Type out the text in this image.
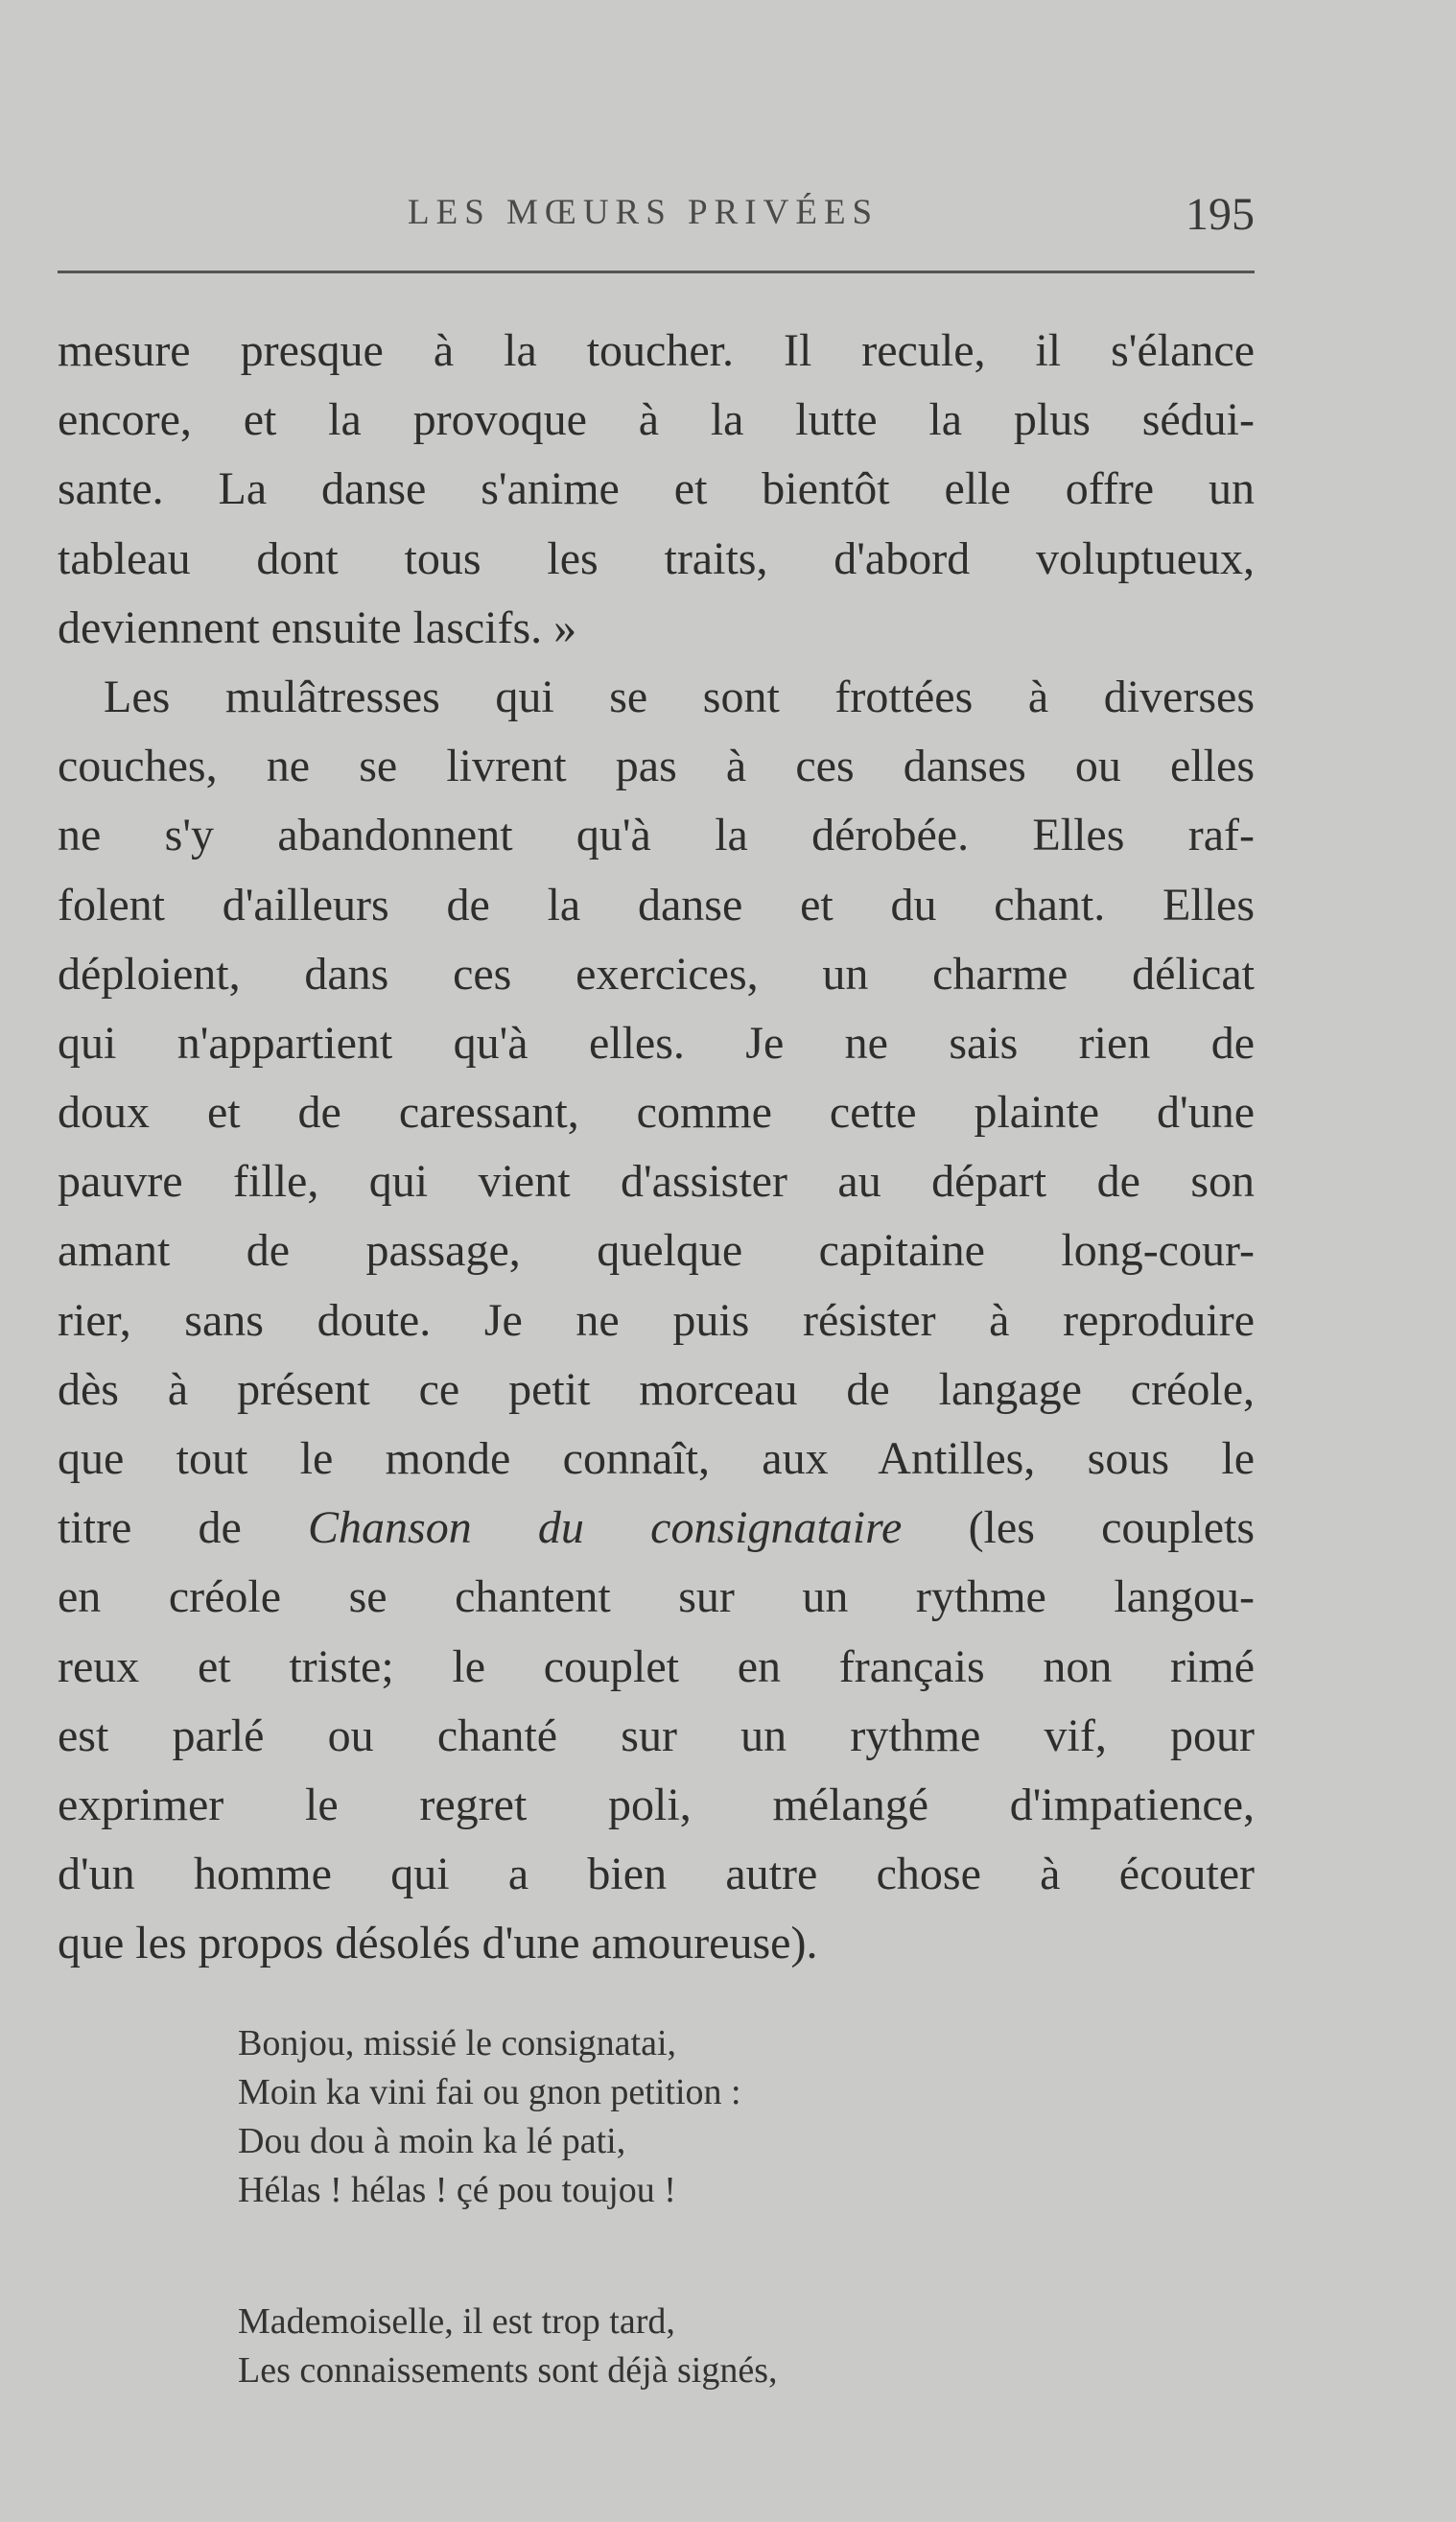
LES MŒURS PRIVÉES	195
mesure presque à la toucher. Il recule, il s'élance
encore, et la provoque à la lutte la plus sédui-
sante. La danse s'anime et bientôt elle offre un
tableau dont tous les traits, d'abord voluptueux,
deviennent ensuite lascifs. »
Les mulâtresses qui se sont frottées à diverses
couches, ne se livrent pas à ces danses ou elles
ne s'y abandonnent qu'à la dérobée. Elles raf-
folent d'ailleurs de la danse et du chant. Elles
déploient, dans ces exercices, un charme délicat
qui n'appartient qu'à elles. Je ne sais rien de
doux et de caressant, comme cette plainte d'une
pauvre fille, qui vient d'assister au départ de son
amant de passage, quelque capitaine long-cour-
rier, sans doute. Je ne puis résister à reproduire
dès à présent ce petit morceau de langage créole,
que tout le monde connaît, aux Antilles, sous le
titre de Chanson du consignataire (les couplets
en créole se chantent sur un rythme langou-
reux et triste; le couplet en français non rimé
est parlé ou chanté sur un rythme vif, pour
exprimer le regret poli, mélangé d'impatience,
d'un homme qui a bien autre chose à écouter
que les propos désolés d'une amoureuse).
Bonjou, missié le consignatai,
Moin ka vini fai ou gnon petition :
Dou dou à moin ka lé pati,
Hélas ! hélas ! çé pou toujou !
Mademoiselle, il est trop tard,
Les connaissements sont déjà signés,
